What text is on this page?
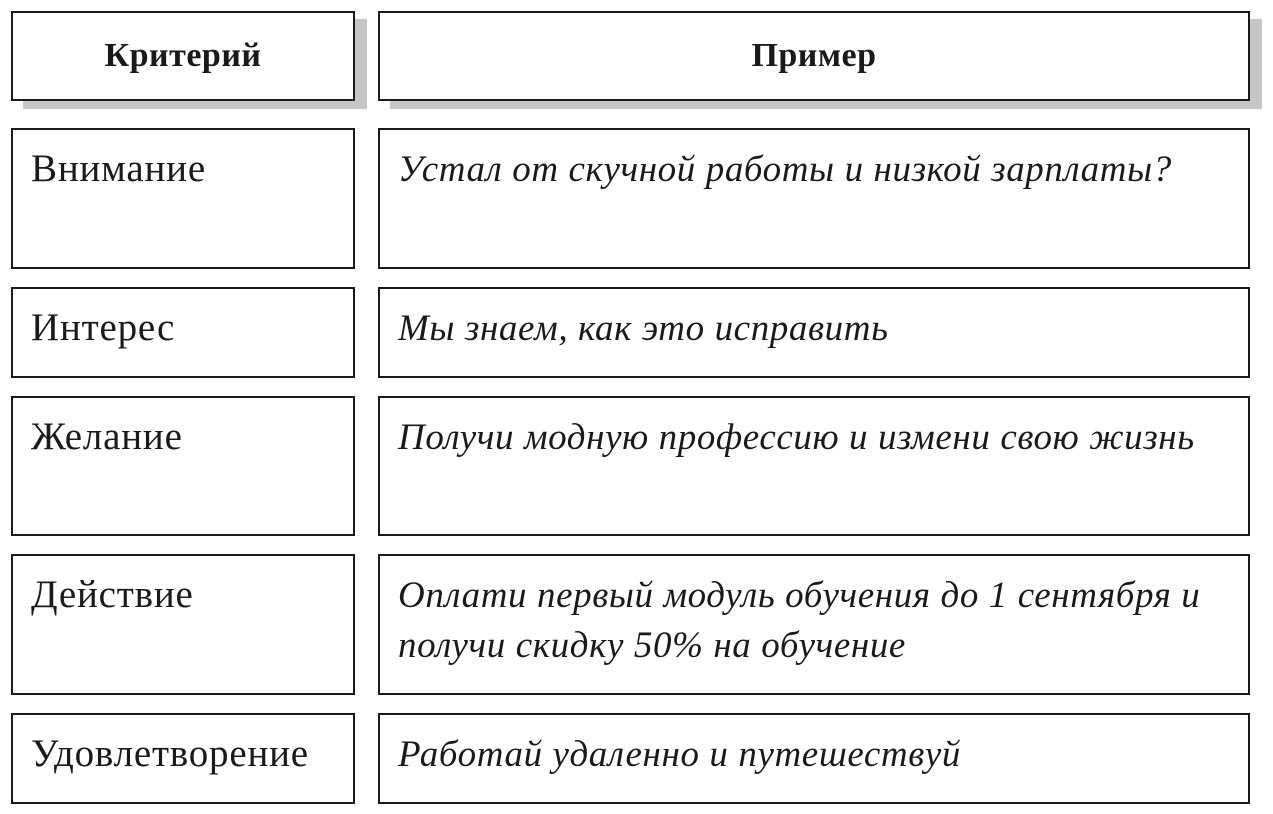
Критерий	Пример
Внимание	Устал от скучной работы и низкой зарплаты?
Интерес	Мы знаем, как это исправить
Желание	Получи модную профессию и измени свою жизнь
Действие	Оплати первый модуль обучения до 1 сентября и получи скидку 50% на обучение
Удовлетворение	Работай удаленно и путешествуй
